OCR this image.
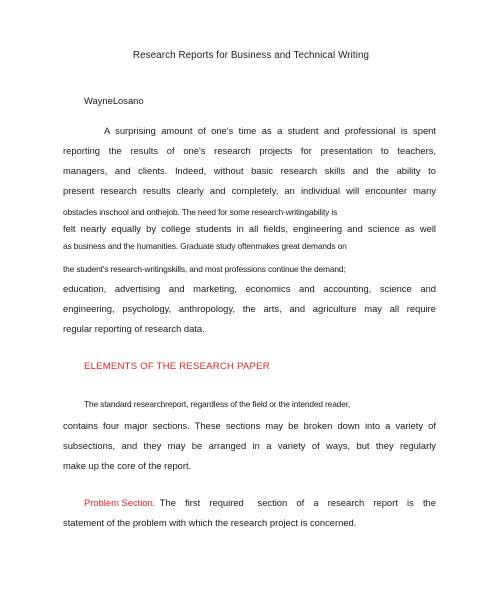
Research Reports for Business and Technical Writing
WayneLosano
A surprising amount of one's time as a student and professional is spent
reporting the results of one's research projects for presentation to teachers,
managers, and clients. Indeed, without basic research skills and the ability to
present research results clearly and completely, an individual will encounter many
obstacles inschool and onthejob. The need for some research-writingability is
felt nearly equally by college students in all fields, engineering and science as well
as business and the humanities. Graduate study oftenmakes great demands on
the student's research-writingskills, and most professions continue the demand;
education, advertising and marketing, economics and accounting, science and
engineering, psychology, anthropology, the arts, and agriculture may all require
regular reporting of research data.
ELEMENTS OF THE RESEARCH PAPER
The standard researchreport, regardless of the field or the intended reader,
contains four major sections. These sections may be broken down into a variety of
subsections, and they may be arranged in a variety of ways, but they regularly
make up the core of the report.
Problem Section. The  first  required   section  of  a  research  report  is  the
statement of the problem with which the research project is concerned.
